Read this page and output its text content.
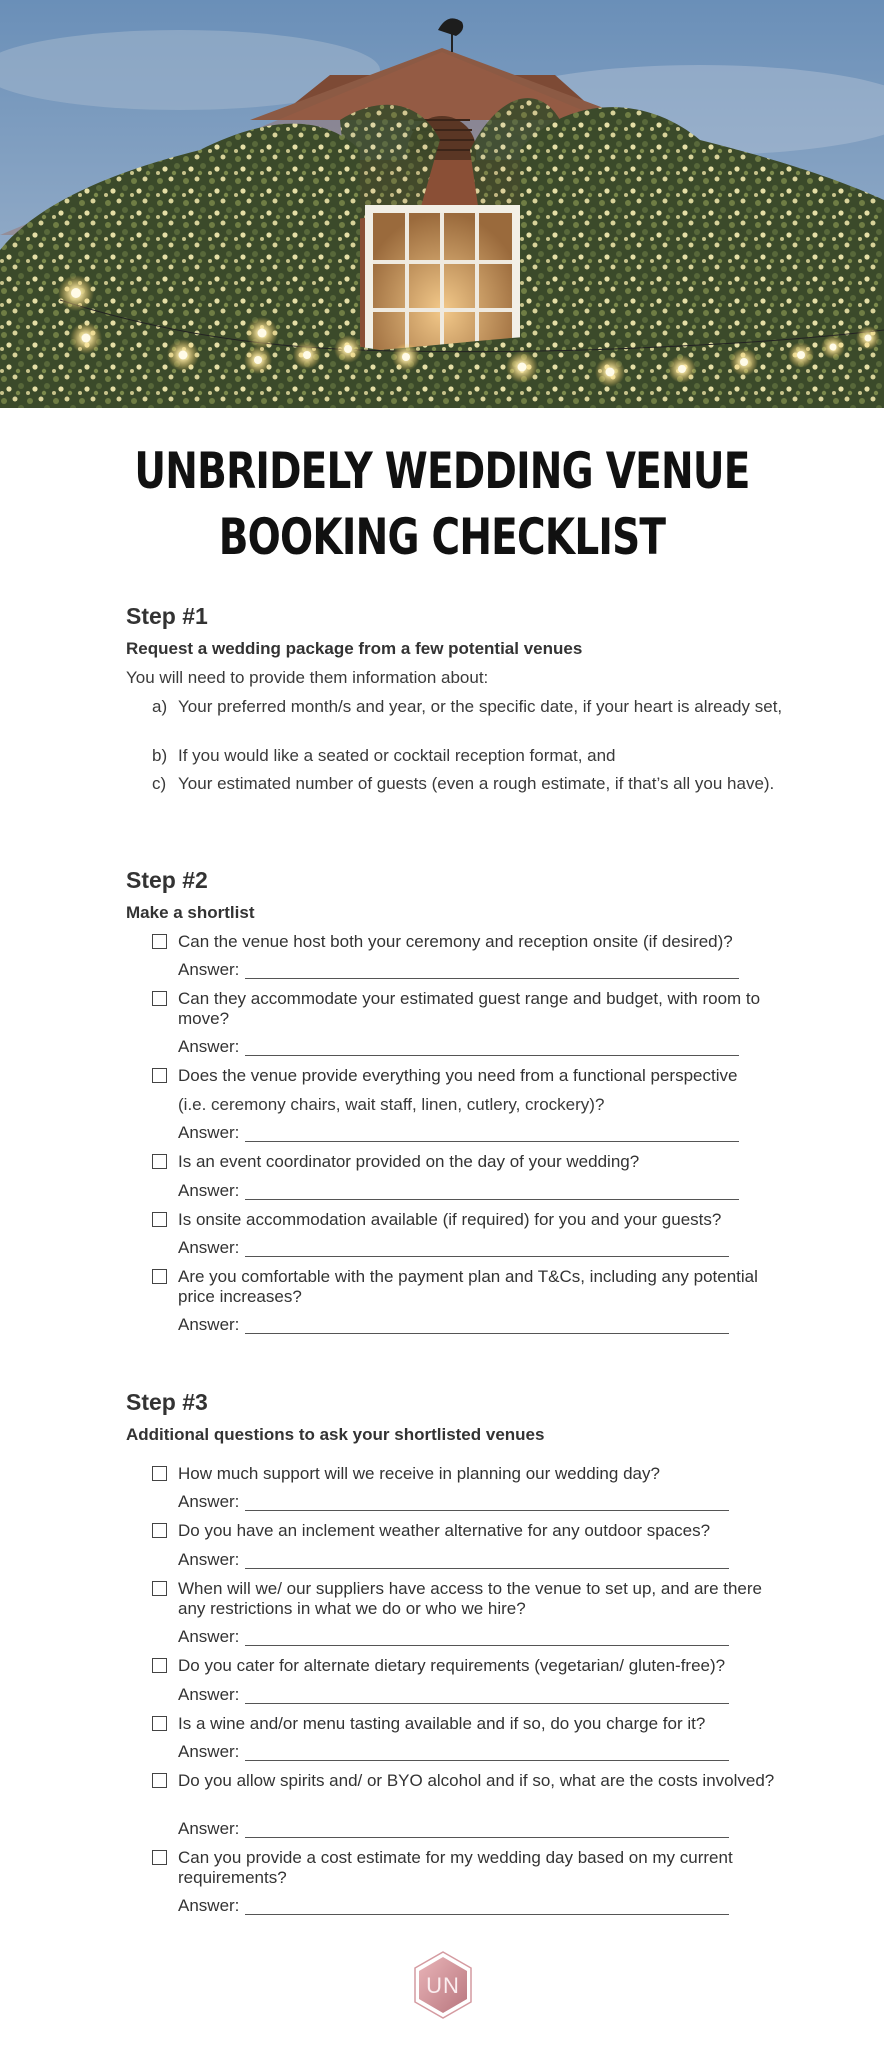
UNBRIDELY WEDDING VENUE
BOOKING CHECKLIST
Step #1
Request a wedding package from a few potential venues
You will need to provide them information about:
a) Your preferred month/s and year, or the specific date, if your heart is already set,
b) If you would like a seated or cocktail reception format, and
c) Your estimated number of guests (even a rough estimate, if that’s all you have).
Step #2
Make a shortlist
Can the venue host both your ceremony and reception onsite (if desired)?
Answer:
Can they accommodate your estimated guest range and budget, with room to move?
Answer:
Does the venue provide everything you need from a functional perspective
(i.e. ceremony chairs, wait staff, linen, cutlery, crockery)?
Answer:
Is an event coordinator provided on the day of your wedding?
Answer:
Is onsite accommodation available (if required) for you and your guests?
Answer:
Are you comfortable with the payment plan and T&Cs, including any potential price increases?
Answer:
Step #3
Additional questions to ask your shortlisted venues
How much support will we receive in planning our wedding day?
Answer:
Do you have an inclement weather alternative for any outdoor spaces?
Answer:
When will we/ our suppliers have access to the venue to set up, and are there any restrictions in what we do or who we hire?
Answer:
Do you cater for alternate dietary requirements (vegetarian/ gluten-free)?
Answer:
Is a wine and/or menu tasting available and if so, do you charge for it?
Answer:
Do you allow spirits and/ or BYO alcohol and if so, what are the costs involved?
Answer:
Can you provide a cost estimate for my wedding day based on my current requirements?
Answer:
UN
